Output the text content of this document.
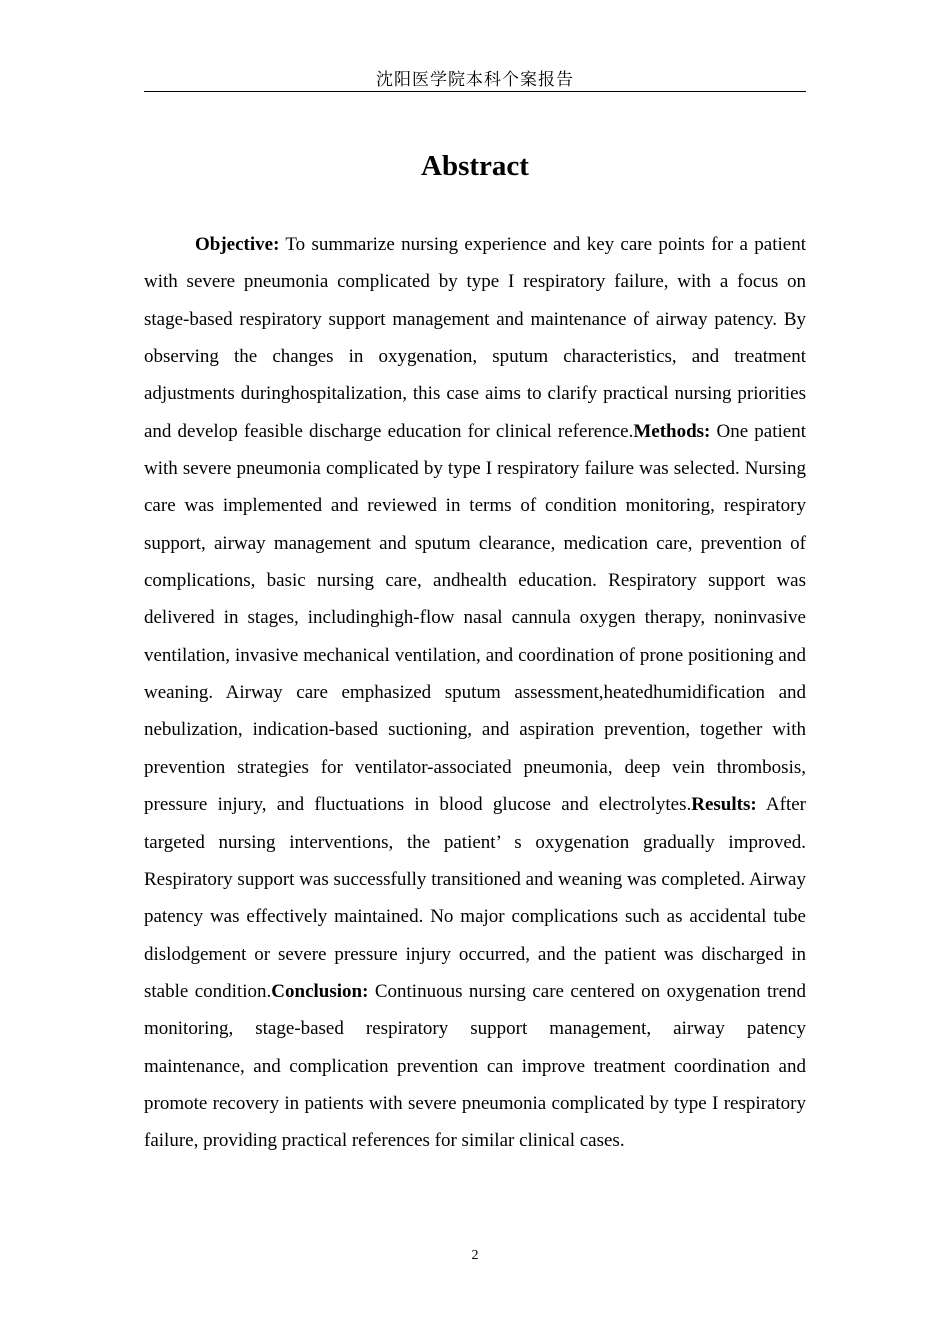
沈阳医学院本科个案报告
Abstract

Objective: To summarize nursing experience and key care points for a patient with severe pneumonia complicated by type I respiratory failure, with a focus on stage-based respiratory support management and maintenance of airway patency. By observing the changes in oxygenation, sputum characteristics, and treatment adjustments duringhospitalization, this case aims to clarify practical nursing priorities and develop feasible discharge education for clinical reference.Methods: One patient with severe pneumonia complicated by type I respiratory failure was selected. Nursing care was implemented and reviewed in terms of condition monitoring, respiratory support, airway management and sputum clearance, medication care, prevention of complications, basic nursing care, andhealth education. Respiratory support was delivered in stages, includinghigh-flow nasal cannula oxygen therapy, noninvasive ventilation, invasive mechanical ventilation, and coordination of prone positioning and weaning. Airway care emphasized sputum assessment,heatedhumidification and nebulization, indication-based suctioning, and aspiration prevention, together with prevention strategies for ventilator-associated pneumonia, deep vein thrombosis, pressure injury, and fluctuations in blood glucose and electrolytes.Results: After targeted nursing interventions, the patient’ s oxygenation gradually improved. Respiratory support was successfully transitioned and weaning was completed. Airway patency was effectively maintained. No major complications such as accidental tube dislodgement or severe pressure injury occurred, and the patient was discharged in stable condition.Conclusion: Continuous nursing care centered on oxygenation trend monitoring, stage-based respiratory support management, airway patency maintenance, and complication prevention can improve treatment coordination and promote recovery in patients with severe pneumonia complicated by type I respiratory failure, providing practical references for similar clinical cases.

2
